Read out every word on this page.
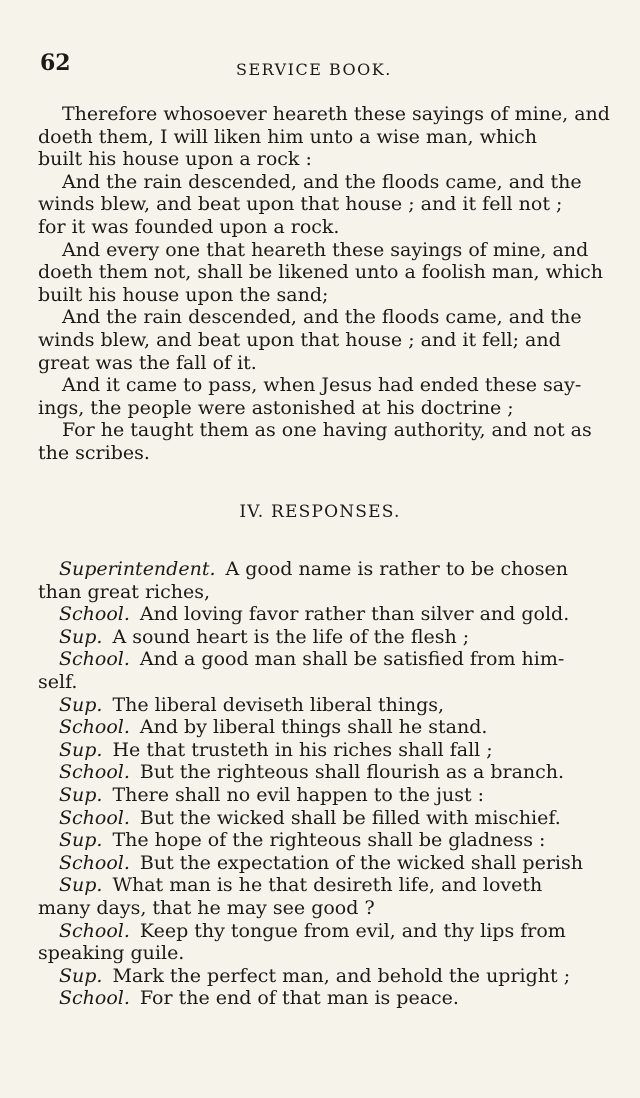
62	SERVICE BOOK.
Therefore whosoever heareth these sayings of mine, and
doeth them, I will liken him unto a wise man, which
built his house upon a rock :
And the rain descended, and the floods came, and the
winds blew, and beat upon that house ; and it fell not ;
for it was founded upon a rock.
And every one that heareth these sayings of mine, and
doeth them not, shall be likened unto a foolish man, which
built his house upon the sand;
And the rain descended, and the floods came, and the
winds blew, and beat upon that house ; and it fell; and
great was the fall of it.
And it came to pass, when Jesus had ended these say-
ings, the people were astonished at his doctrine ;
For he taught them as one having authority, and not as
the scribes.
IV. RESPONSES.
Superintendent. A good name is rather to be chosen
than great riches,
School. And loving favor rather than silver and gold.
Sup. A sound heart is the life of the flesh ;
School. And a good man shall be satisfied from him-
self.
Sup. The liberal deviseth liberal things,
School. And by liberal things shall he stand.
Sup. He that trusteth in his riches shall fall ;
School. But the righteous shall flourish as a branch.
Sup. There shall no evil happen to the just :
School. But the wicked shall be filled with mischief.
Sup. The hope of the righteous shall be gladness :
School. But the expectation of the wicked shall perish
Sup. What man is he that desireth life, and loveth
many days, that he may see good ?
School. Keep thy tongue from evil, and thy lips from
speaking guile.
Sup. Mark the perfect man, and behold the upright ;
School. For the end of that man is peace.
